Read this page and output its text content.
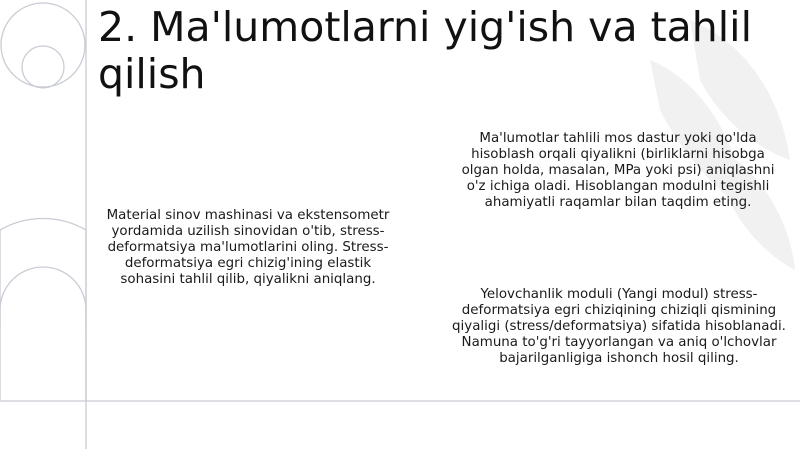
2. Ma'lumotlarni yig'ish va tahlil qilish

Material sinov mashinasi va ekstensometr yordamida uzilish sinovidan o'tib, stress-deformatsiya ma'lumotlarini oling. Stress-deformatsiya egri chizig'ining elastik sohasini tahlil qilib, qiyalikni aniqlang.

Ma'lumotlar tahlili mos dastur yoki qo'lda hisoblash orqali qiyalikni (birliklarni hisobga olgan holda, masalan, MPa yoki psi) aniqlashni o'z ichiga oladi. Hisoblangan modulni tegishli ahamiyatli raqamlar bilan taqdim eting.

Yelovchanlik moduli (Yangi modul) stress-deformatsiya egri chiziqining chiziqli qismining qiyaligi (stress/deformatsiya) sifatida hisoblanadi. Namuna to'g'ri tayyorlangan va aniq o'lchovlar bajarilganligiga ishonch hosil qiling.
